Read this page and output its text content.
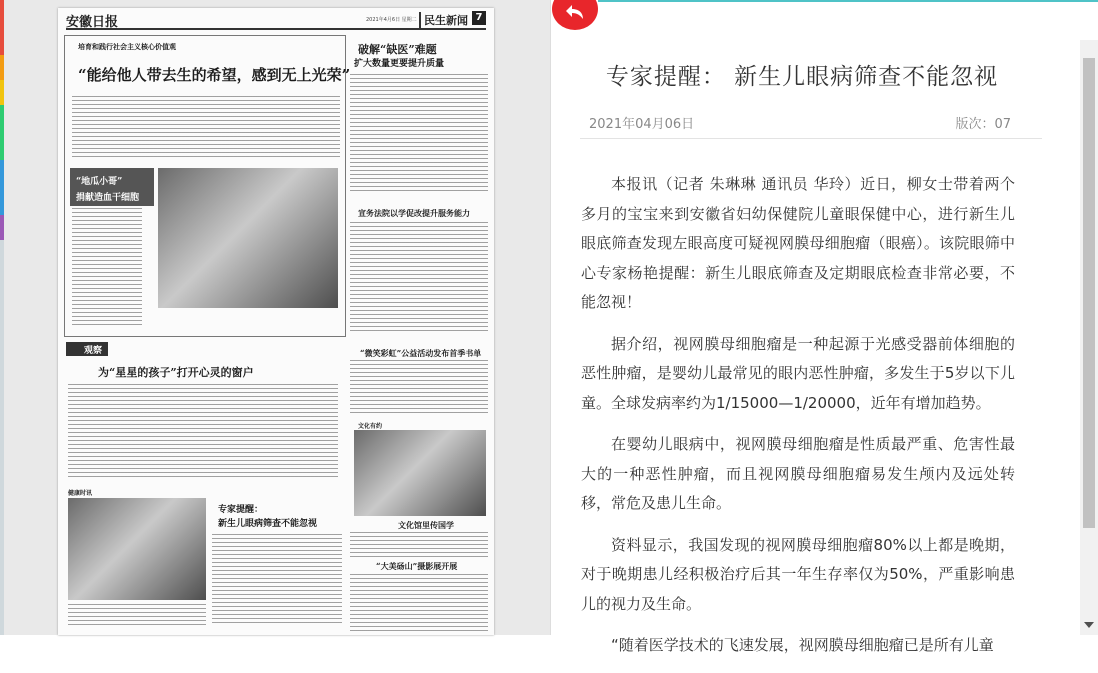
安徽日报	2021年4月6日 星期二 民生新闻 7
培育和践行社会主义核心价值观
“能给他人带去生的希望，感到无上光荣”
“地瓜小哥”
捐献造血干细胞
破解“缺医”难题
扩大数量更要提升质量
宣务法院以学促改提升服务能力
观察
为“星星的孩子”打开心灵的窗户
“微笑彩虹”公益活动发布首季书单
文化有约
文化馆里传国学
“大美砀山”摄影展开展
健康时讯
专家提醒：
新生儿眼病筛查不能忽视
专家提醒： 新生儿眼病筛查不能忽视
2021年04月06日	版次：07

本报讯（记者 朱琳琳 通讯员 华玲）近日，柳女士带着两个多月的宝宝来到安徽省妇幼保健院儿童眼保健中心，进行新生儿眼底筛查发现左眼高度可疑视网膜母细胞瘤（眼癌）。该院眼筛中心专家杨艳提醒：新生儿眼底筛查及定期眼底检查非常必要，不能忽视！

据介绍，视网膜母细胞瘤是一种起源于光感受器前体细胞的恶性肿瘤，是婴幼儿最常见的眼内恶性肿瘤，多发生于5岁以下儿童。全球发病率约为1/15000—1/20000，近年有增加趋势。

在婴幼儿眼病中，视网膜母细胞瘤是性质最严重、危害性最大的一种恶性肿瘤，而且视网膜母细胞瘤易发生颅内及远处转移，常危及患儿生命。

资料显示，我国发现的视网膜母细胞瘤80%以上都是晚期，对于晚期患儿经积极治疗后其一年生存率仅为50%，严重影响患儿的视力及生命。

“随着医学技术的飞速发展，视网膜母细胞瘤已是所有儿童
